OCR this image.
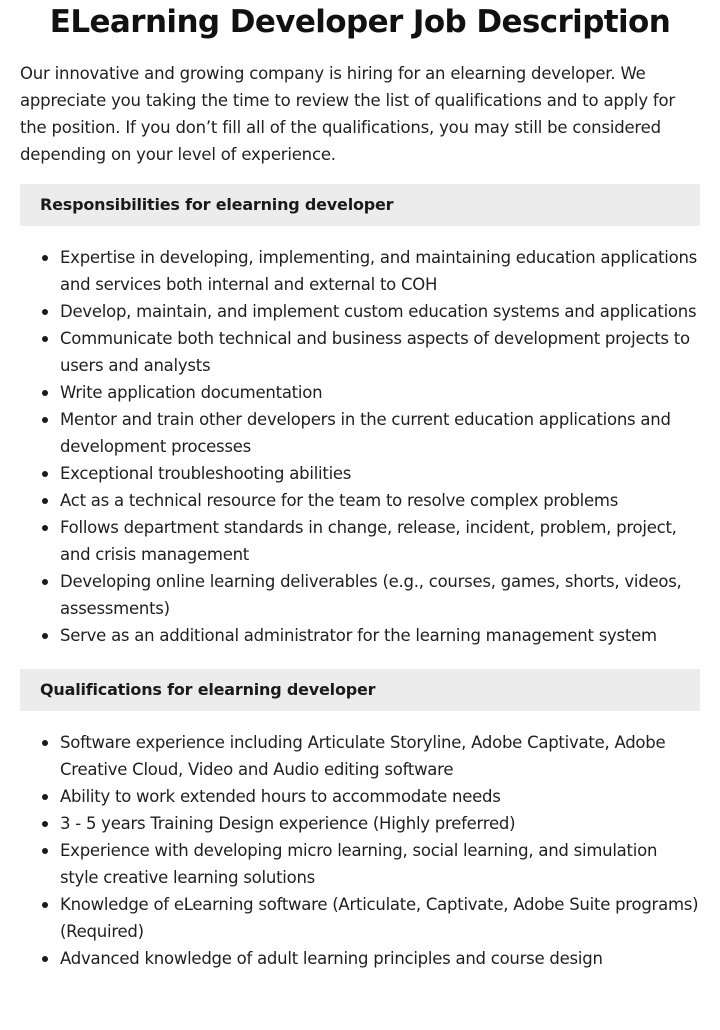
ELearning Developer Job Description

Our innovative and growing company is hiring for an elearning developer. We appreciate you taking the time to review the list of qualifications and to apply for the position. If you don’t fill all of the qualifications, you may still be considered depending on your level of experience.

Responsibilities for elearning developer
Expertise in developing, implementing, and maintaining education applications and services both internal and external to COH
Develop, maintain, and implement custom education systems and applications
Communicate both technical and business aspects of development projects to users and analysts
Write application documentation
Mentor and train other developers in the current education applications and development processes
Exceptional troubleshooting abilities
Act as a technical resource for the team to resolve complex problems
Follows department standards in change, release, incident, problem, project, and crisis management
Developing online learning deliverables (e.g., courses, games, shorts, videos, assessments)
Serve as an additional administrator for the learning management system
Qualifications for elearning developer
Software experience including Articulate Storyline, Adobe Captivate, Adobe Creative Cloud, Video and Audio editing software
Ability to work extended hours to accommodate needs
3 - 5 years Training Design experience (Highly preferred)
Experience with developing micro learning, social learning, and simulation style creative learning solutions
Knowledge of eLearning software (Articulate, Captivate, Adobe Suite programs) (Required)
Advanced knowledge of adult learning principles and course design
